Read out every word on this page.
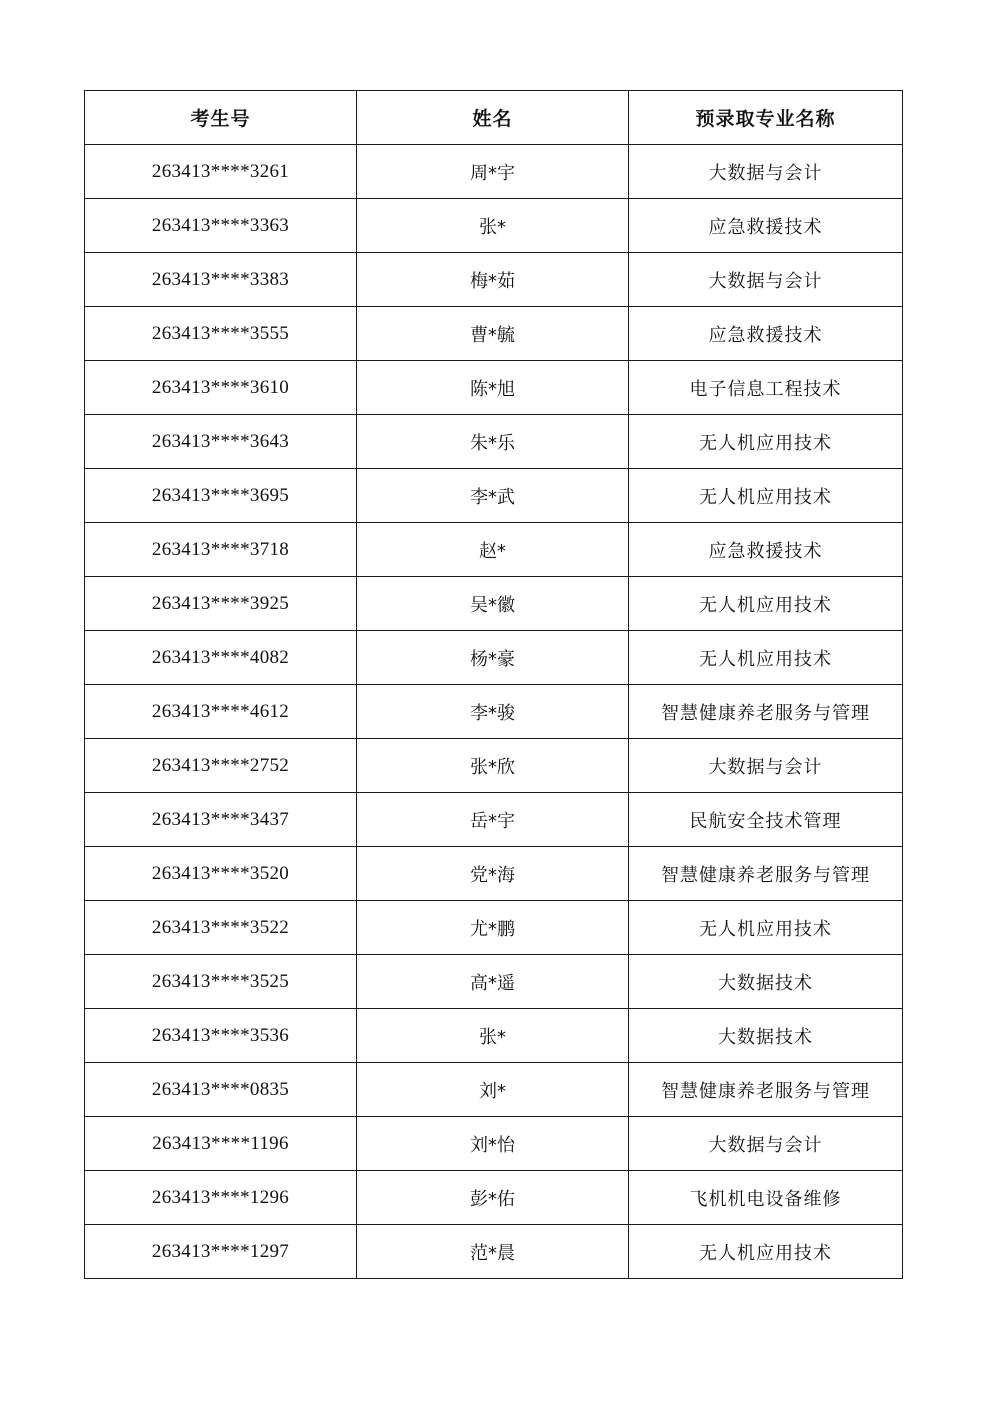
考生号	姓名	预录取专业名称
263413****3261	周*宇	大数据与会计
263413****3363	张*	应急救援技术
263413****3383	梅*茹	大数据与会计
263413****3555	曹*毓	应急救援技术
263413****3610	陈*旭	电子信息工程技术
263413****3643	朱*乐	无人机应用技术
263413****3695	李*武	无人机应用技术
263413****3718	赵*	应急救援技术
263413****3925	吴*徽	无人机应用技术
263413****4082	杨*豪	无人机应用技术
263413****4612	李*骏	智慧健康养老服务与管理
263413****2752	张*欣	大数据与会计
263413****3437	岳*宇	民航安全技术管理
263413****3520	党*海	智慧健康养老服务与管理
263413****3522	尤*鹏	无人机应用技术
263413****3525	高*遥	大数据技术
263413****3536	张*	大数据技术
263413****0835	刘*	智慧健康养老服务与管理
263413****1196	刘*怡	大数据与会计
263413****1296	彭*佑	飞机机电设备维修
263413****1297	范*晨	无人机应用技术
